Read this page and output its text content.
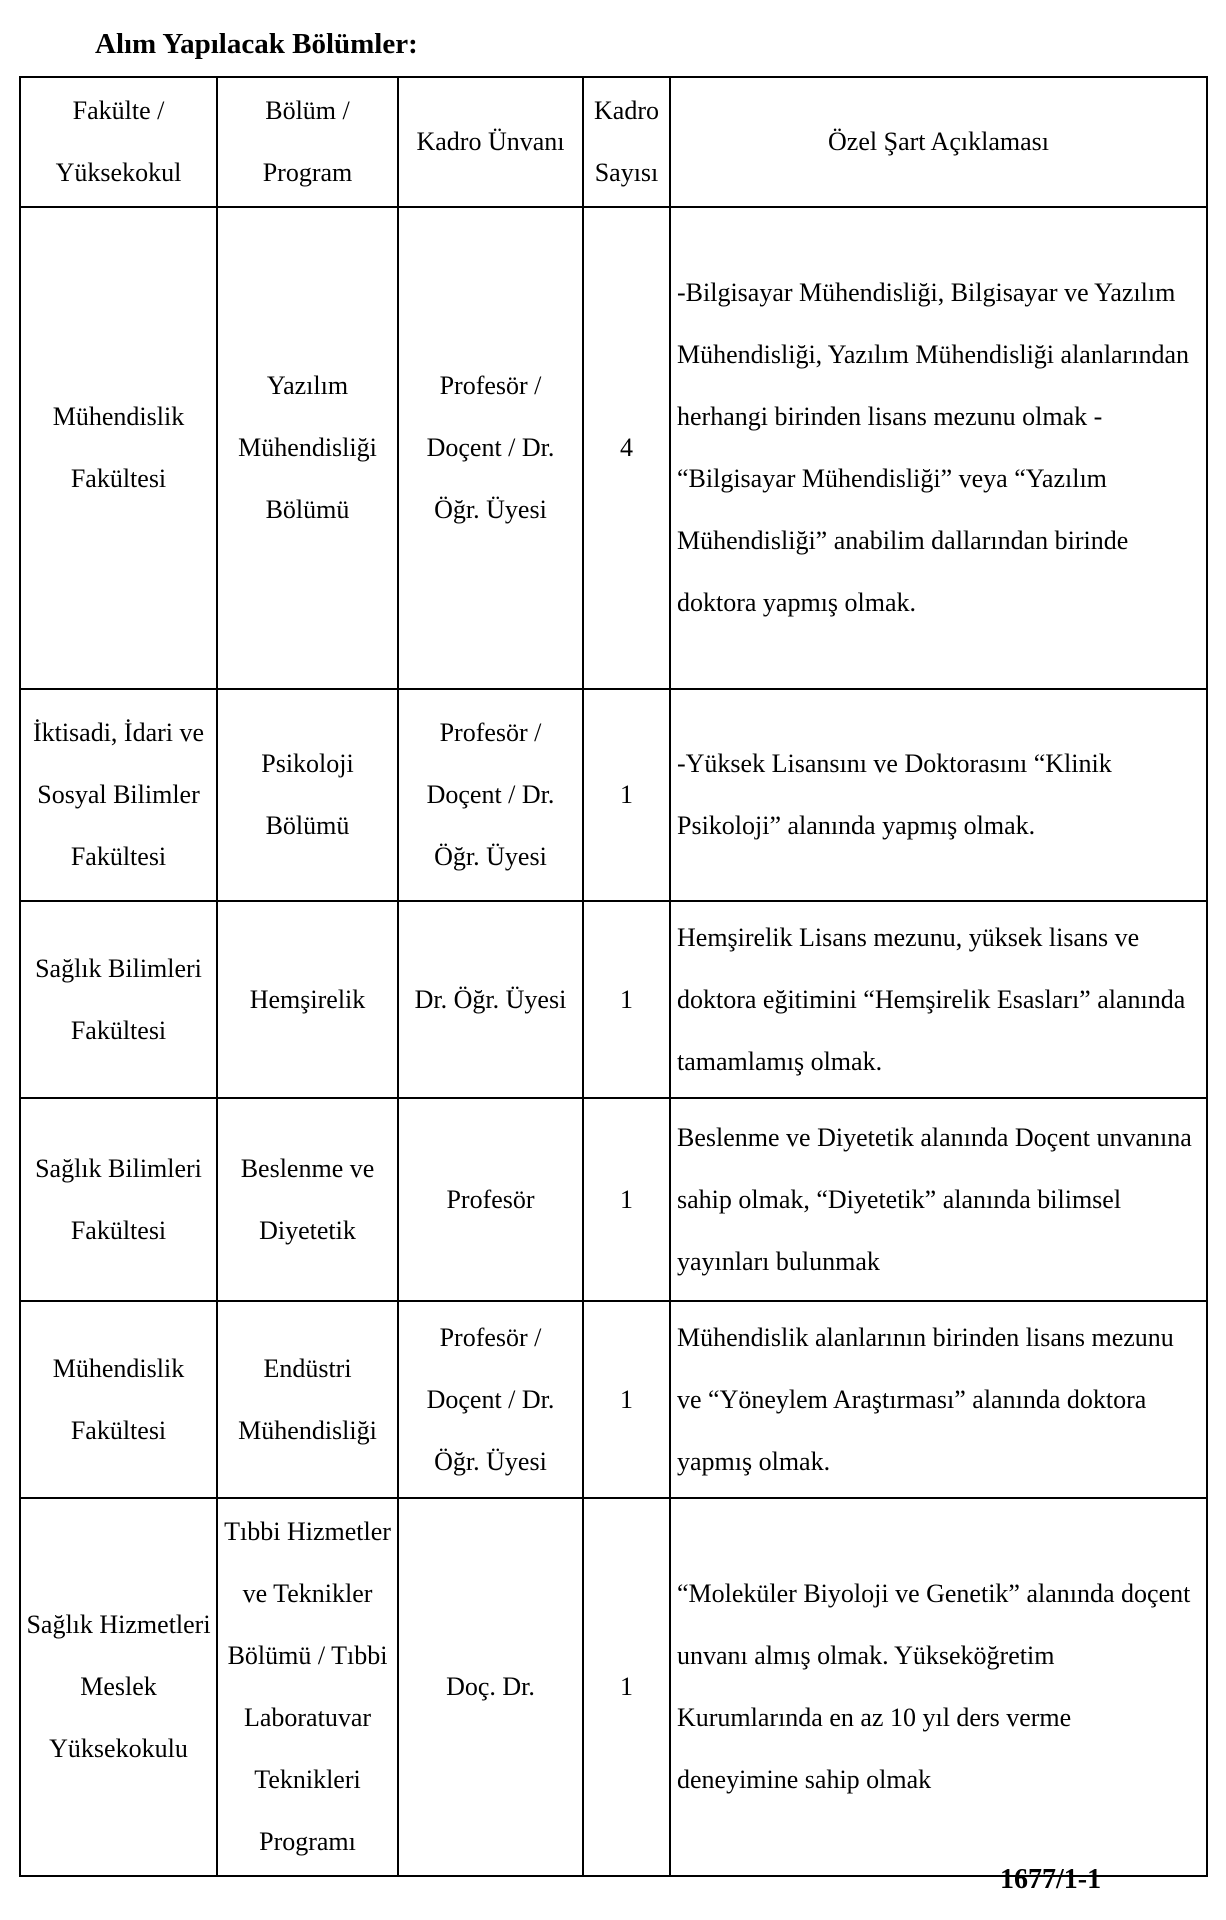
Alım Yapılacak Bölümler:
Fakülte / Yüksekokul	Bölüm / Program	Kadro Ünvanı	Kadro Sayısı	Özel Şart Açıklaması
Mühendislik Fakültesi	Yazılım Mühendisliği Bölümü	Profesör / Doçent / Dr. Öğr. Üyesi	4	-Bilgisayar Mühendisliği, Bilgisayar ve Yazılım Mühendisliği, Yazılım Mühendisliği alanlarından herhangi birinden lisans mezunu olmak - “Bilgisayar Mühendisliği” veya “Yazılım Mühendisliği” anabilim dallarından birinde doktora yapmış olmak.
İktisadi, İdari ve Sosyal Bilimler Fakültesi	Psikoloji Bölümü	Profesör / Doçent / Dr. Öğr. Üyesi	1	-Yüksek Lisansını ve Doktorasını “Klinik Psikoloji” alanında yapmış olmak.
Sağlık Bilimleri Fakültesi	Hemşirelik	Dr. Öğr. Üyesi	1	Hemşirelik Lisans mezunu, yüksek lisans ve doktora eğitimini “Hemşirelik Esasları” alanında tamamlamış olmak.
Sağlık Bilimleri Fakültesi	Beslenme ve Diyetetik	Profesör	1	Beslenme ve Diyetetik alanında Doçent unvanına sahip olmak, “Diyetetik” alanında bilimsel yayınları bulunmak
Mühendislik Fakültesi	Endüstri Mühendisliği	Profesör / Doçent / Dr. Öğr. Üyesi	1	Mühendislik alanlarının birinden lisans mezunu ve “Yöneylem Araştırması” alanında doktora yapmış olmak.
Sağlık Hizmetleri Meslek Yüksekokulu	Tıbbi Hizmetler ve Teknikler Bölümü / Tıbbi Laboratuvar Teknikleri Programı	Doç. Dr.	1	“Moleküler Biyoloji ve Genetik” alanında doçent unvanı almış olmak. Yükseköğretim Kurumlarında en az 10 yıl ders verme deneyimine sahip olmak
1677/1-1
